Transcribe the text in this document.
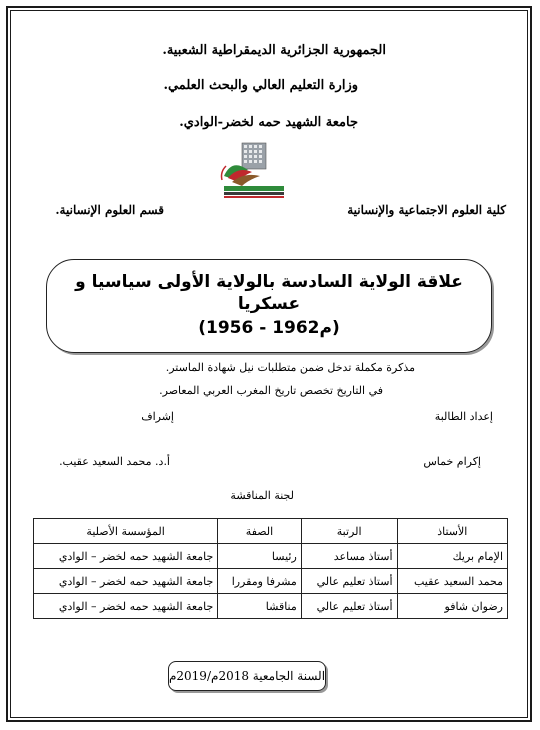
الجمهورية الجزائرية الديمقراطية الشعبية.
وزارة التعليم العالي والبحث العلمي.
جامعة الشهيد حمه لخضر-الوادي.
كلية العلوم الاجتماعية والإنسانية
قسم العلوم الإنسانية.
علاقة الولاية السادسة بالولاية الأولى سياسيا و عسكريا
(1956 - 1962م)
مذكرة مكملة تدخل ضمن متطلبات نيل شهادة الماستر.
في التاريخ تخصص تاريخ المغرب العربي المعاصر.
إعداد الطالبة
إشراف
إكرام خماس
أ.د. محمد السعيد عقيب.
لجنة المناقشة
الأستاذ	الرتبة	الصفة	المؤسسة الأصلية
الإمام بريك	أستاذ مساعد	رئيسا	جامعة الشهيد حمه لخضر – الوادي
محمد السعيد عقيب	أستاذ تعليم عالي	مشرفا ومقررا	جامعة الشهيد حمه لخضر – الوادي
رضوان شافو	أستاذ تعليم عالي	مناقشا	جامعة الشهيد حمه لخضر – الوادي
السنة الجامعية 2018م/2019م
